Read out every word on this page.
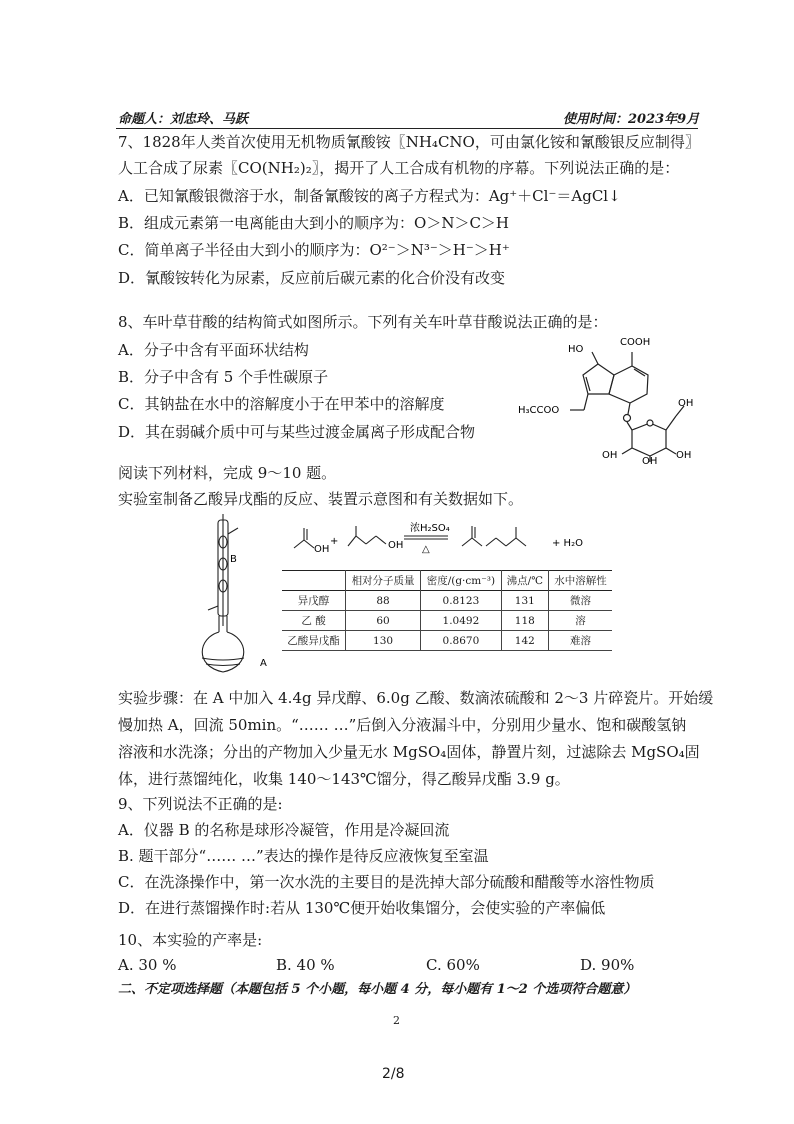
命题人：刘忠玲、马跃	使用时间：2023年9月
7、1828年人类首次使用无机物质氰酸铵〖NH₄CNO，可由氯化铵和氰酸银反应制得〗
人工合成了尿素〖CO(NH₂)₂〗，揭开了人工合成有机物的序幕。下列说法正确的是：
A．已知氰酸银微溶于水，制备氰酸铵的离子方程式为：Ag⁺＋Cl⁻＝AgCl↓
B．组成元素第一电离能由大到小的顺序为：O＞N＞C＞H
C．简单离子半径由大到小的顺序为：O²⁻＞N³⁻＞H⁻＞H⁺
D．氰酸铵转化为尿素，反应前后碳元素的化合价没有改变
8、车叶草苷酸的结构简式如图所示。下列有关车叶草苷酸说法正确的是：
A．分子中含有平面环状结构
B．分子中含有 5 个手性碳原子
C．其钠盐在水中的溶解度小于在甲苯中的溶解度
D．其在弱碱介质中可与某些过渡金属离子形成配合物
HO
COOH
H₃CCOO
OH
OH
OH
OH
阅读下列材料，完成 9～10 题。
实验室制备乙酸异戊酯的反应、装置示意图和有关数据如下。
B
A
OH
+	OH
浓H₂SO₄
△
+ H₂O
	相对分子质量	密度/(g·cm⁻³)	沸点/℃	水中溶解性
异戊醇	88	0.8123	131	微溶
乙 酸	60	1.0492	118	溶
乙酸异戊酯	130	0.8670	142	难溶
实验步骤：在 A 中加入 4.4g 异戊醇、6.0g 乙酸、数滴浓硫酸和 2～3 片碎瓷片。开始缓
慢加热 A，回流 50min。“…… …”后倒入分液漏斗中，分别用少量水、饱和碳酸氢钠
溶液和水洗涤；分出的产物加入少量无水 MgSO₄固体，静置片刻，过滤除去 MgSO₄固
体，进行蒸馏纯化，收集 140～143℃馏分，得乙酸异戊酯 3.9 g。
9、下列说法不正确的是:
A．仪器 B 的名称是球形冷凝管，作用是冷凝回流
B. 题干部分“…… …”表达的操作是待反应液恢复至室温
C．在洗涤操作中，第一次水洗的主要目的是洗掉大部分硫酸和醋酸等水溶性物质
D．在进行蒸馏操作时:若从 130℃便开始收集馏分，会使实验的产率偏低
10、本实验的产率是:
A. 30 %	B. 40 %	C. 60%	D. 90%
二、不定项选择题（本题包括 5 个小题，每小题 4 分，每小题有 1～2 个选项符合题意）
2
2/8
